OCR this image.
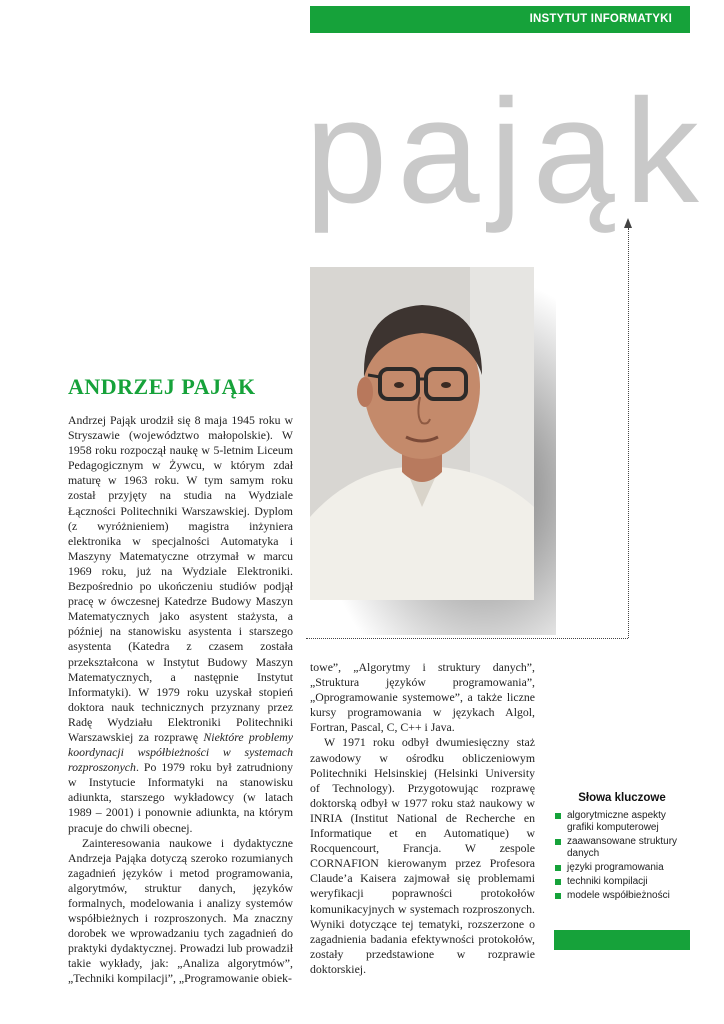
INSTYTUT INFORMATYKI
pająk
ANDRZEJ PAJĄK

Andrzej Pająk urodził się 8 maja 1945 roku w Stryszawie (województwo małopolskie). W 1958 roku rozpoczął naukę w 5-letnim Liceum Pedagogicznym w Żywcu, w którym zdał maturę w 1963 roku. W tym samym roku został przyjęty na studia na Wydziale Łączności Politechniki Warszawskiej. Dyplom (z wyróżnieniem) magistra inżyniera elektronika w specjalności Automatyka i Maszyny Matematyczne otrzymał w marcu 1969 roku, już na Wydziale Elektroniki. Bezpośrednio po ukończeniu studiów podjął pracę w ówczesnej Katedrze Budowy Maszyn Matematycznych jako asystent stażysta, a później na stanowisku asystenta i starszego asystenta (Katedra z czasem została przekształcona w Instytut Budowy Maszyn Matematycznych, a następnie Instytut Informatyki). W 1979 roku uzyskał stopień doktora nauk technicznych przyznany przez Radę Wydziału Elektroniki Politechniki Warszawskiej za rozprawę Niektóre problemy koordynacji współbieżności w systemach rozproszonych. Po 1979 roku był zatrudniony w Instytucie Informatyki na stanowisku adiunkta, starszego wykładowcy (w latach 1989 – 2001) i ponownie adiunkta, na którym pracuje do chwili obecnej.

Zainteresowania naukowe i dydaktyczne Andrzeja Pająka dotyczą szeroko rozumianych zagadnień języków i metod programowania, algorytmów, struktur danych, języków formalnych, modelowania i analizy systemów współbieżnych i rozproszonych. Ma znaczny dorobek we wprowadzaniu tych zagadnień do praktyki dydaktycznej. Prowadzi lub prowadził takie wykłady, jak: „Analiza algorytmów”, „Techniki kompilacji”, „Programowanie obiek-

towe”, „Algorytmy i struktury danych”, „Struktura języków programowania”, „Oprogramowanie systemowe”, a także liczne kursy programowania w językach Algol, Fortran, Pascal, C, C++ i Java.

W 1971 roku odbył dwumiesięczny staż zawodowy w ośrodku obliczeniowym Politechniki Helsinskiej (Helsinki University of Technology). Przygotowując rozprawę doktorską odbył w 1977 roku staż naukowy w INRIA (Institut National de Recherche en Informatique et en Automatique) w Rocquencourt, Francja. W zespole CORNAFION kierowanym przez Profesora Claude’a Kaisera zajmował się problemami weryfikacji poprawności protokołów komunikacyjnych w systemach rozproszonych. Wyniki dotyczące tej tematyki, rozszerzone o zagadnienia badania efektywności protokołów, zostały przedstawione w rozprawie doktorskiej.

Słowa kluczowe
algorytmiczne aspekty grafiki komputerowej
zaawansowane struktury danych
języki programowania
techniki kompilacji
modele współbieżności
